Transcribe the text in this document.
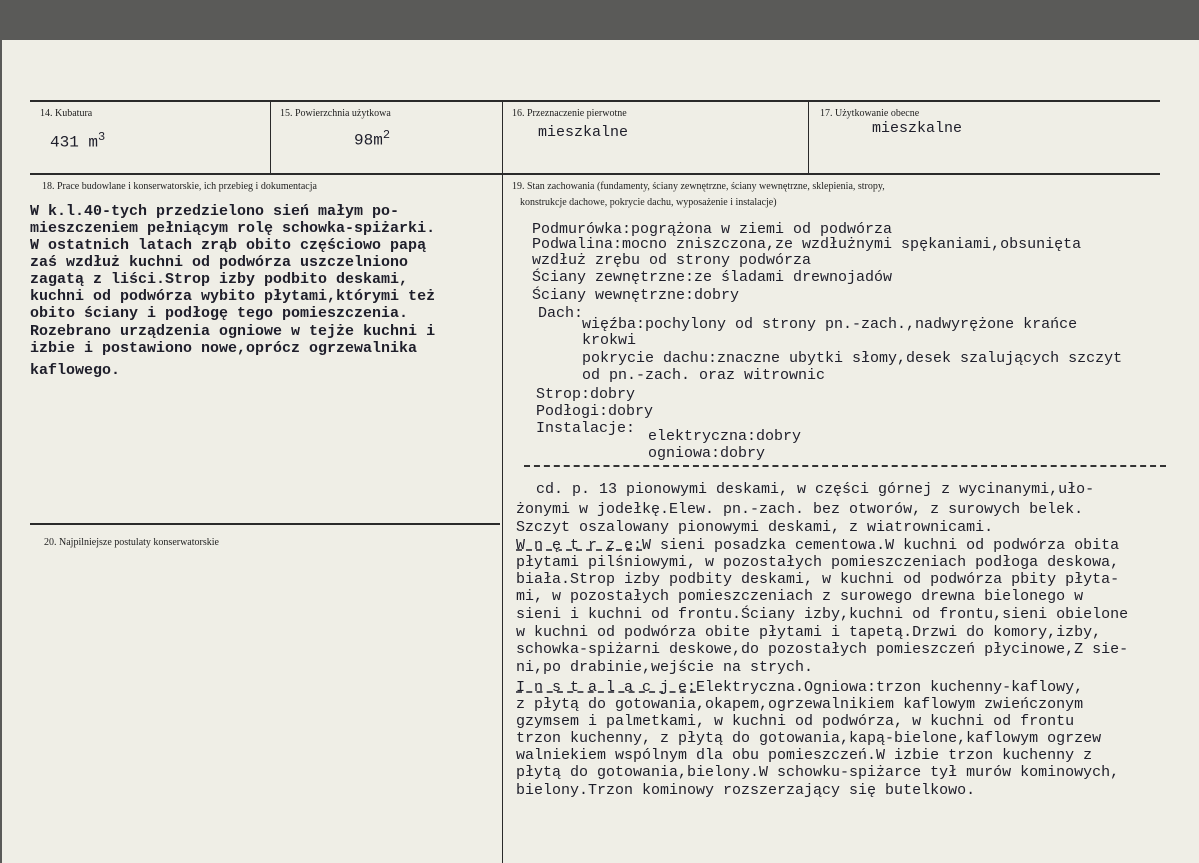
14. Kubatura
431 $m^3$
15. Powierzchnia użytkowa
$98m^2$
16. Przeznaczenie pierwotne
mieszkalne
17. Użytkowanie obecne
mieszkalne
18. Prace budowlane i konserwatorskie, ich przebieg i dokumentacja
W k.l.40-tych przedzielono sień małym po-
mieszczeniem pełniącym rolę schowka-spiżarki.
W ostatnich latach zrąb obito częściowo papą
zaś wzdłuż kuchni od podwórza uszczelniono
zagatą z liści.Strop izby podbito deskami,
kuchni od podwórza wybito płytami,którymi też
obito ściany i podłogę tego pomieszczenia.
Rozebrano urządzenia ogniowe w tejże kuchni i
izbie i postawiono nowe,oprócz ogrzewalnika
kaflowego.
20. Najpilniejsze postulaty konserwatorskie
19. Stan zachowania (fundamenty, ściany zewnętrzne, ściany wewnętrzne, sklepienia, stropy,
konstrukcje dachowe, pokrycie dachu, wyposażenie i instalacje)
Podmurówka:pogrążona w ziemi od podwórza
Podwalina:mocno zniszczona,ze wzdłużnymi spękaniami,obsunięta
wzdłuż zrębu od strony podwórza
Ściany zewnętrzne:ze śladami drewnojadów
Ściany wewnętrzne:dobry
Dach:
więźba:pochylony od strony pn.-zach.,nadwyrężone krańce
krokwi
pokrycie dachu:znaczne ubytki słomy,desek szalujących szczyt
od pn.-zach. oraz witrownic
Strop:dobry
Podłogi:dobry
Instalacje: elektryczna:dobry
ogniowa:dobry
cd. p. 13 pionowymi deskami, w części górnej z wycinanymi,uło-
żonymi w jodełkę.Elew. pn.-zach. bez otworów, z surowych belek.
Szczyt oszalowany pionowymi deskami, z wiatrownicami.
W n ę t r z e:W sieni posadzka cementowa.W kuchni od podwórza obita
płytami pilśniowymi, w pozostałych pomieszczeniach podłoga deskowa,
biała.Strop izby podbity deskami, w kuchni od podwórza pbity płyta-
mi, w pozostałych pomieszczeniach z surowego drewna bielonego w
sieni i kuchni od frontu.Ściany izby,kuchni od frontu,sieni obielone
w kuchni od podwórza obite płytami i tapetą.Drzwi do komory,izby,
schowka-spiżarni deskowe,do pozostałych pomieszczeń płycinowe,Z sie-
ni,po drabinie,wejście na strych.
I n s t a l a c j e:Elektryczna.Ogniowa:trzon kuchenny-kaflowy,
z płytą do gotowania,okapem,ogrzewalnikiem kaflowym zwieńczonym
gzymsem i palmetkami, w kuchni od podwórza, w kuchni od frontu
trzon kuchenny, z płytą do gotowania,kapą-bielone,kaflowym ogrzew
walniekiem wspólnym dla obu pomieszczeń.W izbie trzon kuchenny z
płytą do gotowania,bielony.W schowku-spiżarce tył murów kominowych,
bielony.Trzon kominowy rozszerzający się butelkowo.
